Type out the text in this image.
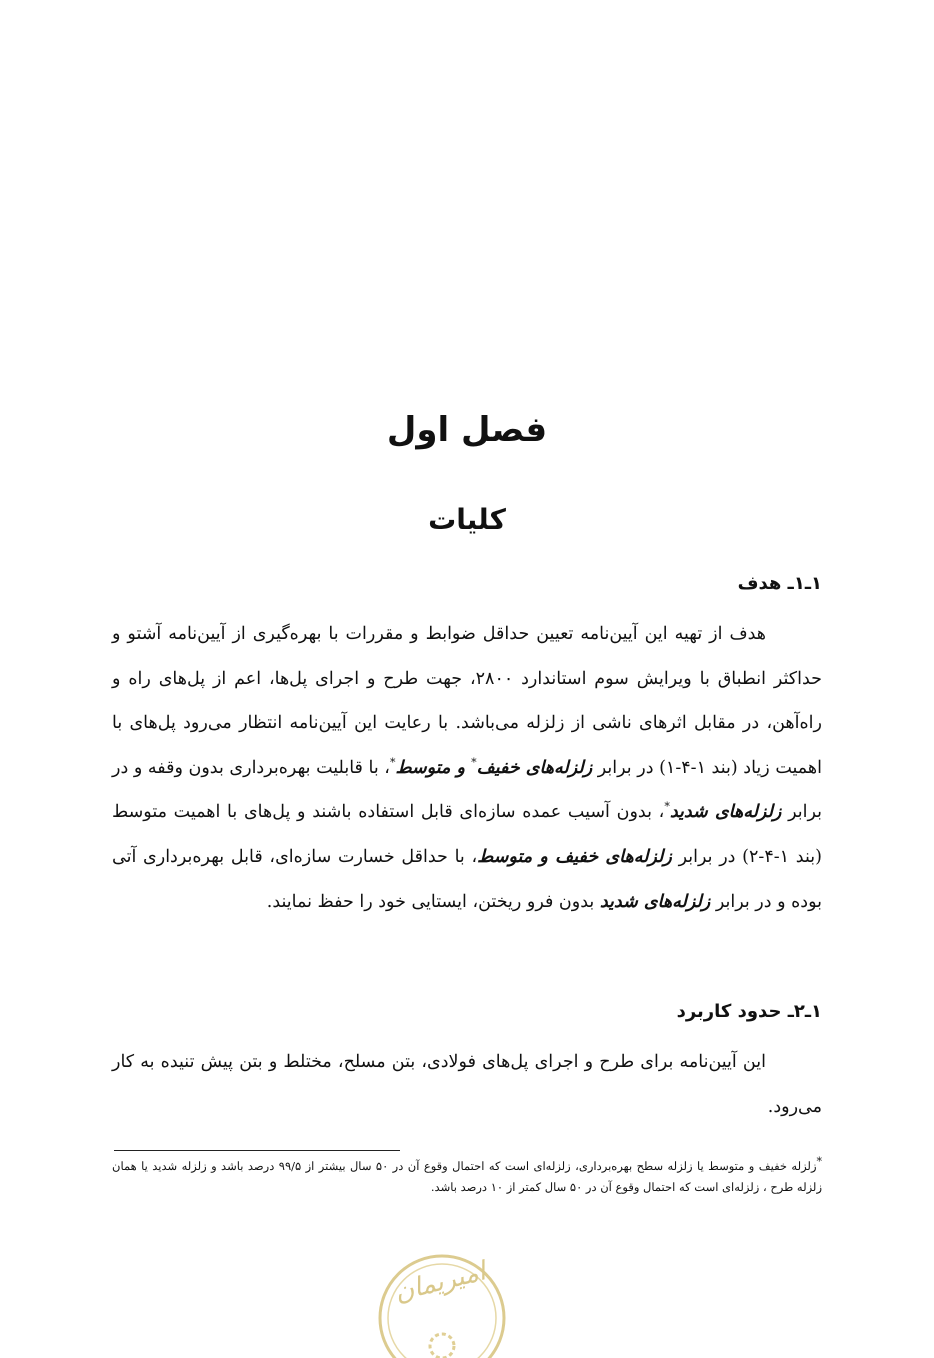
فصل اول
کلیات
۱ـ۱ـ هدف

هدف از تهیه این آیین‌نامه تعیین حداقل ضوابط و مقررات با بهره‌گیری از آیین‌نامه آشتو و حداکثر انطباق با ویرایش سوم استاندارد ۲۸۰۰، جهت طرح و اجرای پل‌ها، اعم از پل‌های راه و راه‌آهن، در مقابل اثرهای ناشی از زلزله می‌باشد. با رعایت این آیین‌نامه انتظار می‌رود پل‌های با اهمیت زیاد (بند ۱-۴-۱) در برابر زلزله‌های خفیف* و متوسط*، با قابلیت بهره‌برداری بدون وقفه و در برابر زلزله‌های شدید*، بدون آسیب عمده سازه‌ای قابل استفاده باشند و پل‌های با اهمیت متوسط (بند ۱-۴-۲) در برابر زلزله‌های خفیف و متوسط، با حداقل خسارت سازه‌ای، قابل بهره‌برداری آتی بوده و در برابر زلزله‌های شدید بدون فرو ریختن، ایستایی خود را حفظ نمایند.

۱ـ۲ـ حدود کاربرد

این آیین‌نامه برای طرح و اجرای پل‌های فولادی، بتن مسلح، مختلط و بتن پیش تنیده به کار می‌رود.

*زلزله خفیف و متوسط یا زلزله سطح بهره‌برداری، زلزله‌ای است که احتمال وقوع آن در ۵۰ سال بیشتر از ۹۹/۵ درصد باشد و زلزله شدید یا همان زلزله طرح ، زلزله‌ای است که احتمال وقوع آن در ۵۰ سال کمتر از ۱۰ درصد باشد.

امیریمان
